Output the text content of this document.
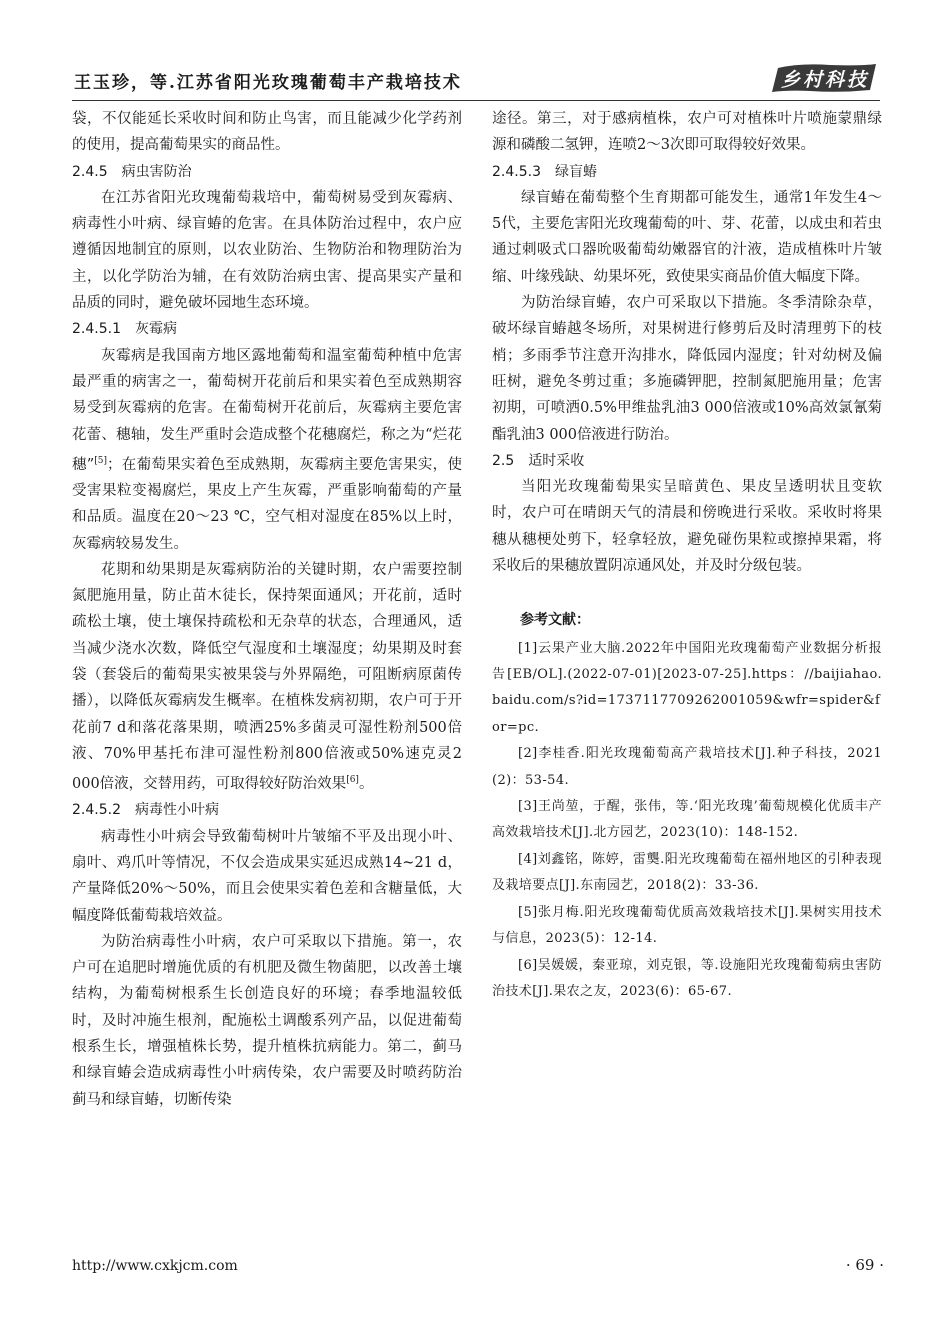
王玉珍，等.江苏省阳光玫瑰葡萄丰产栽培技术	乡村科技

袋，不仅能延长采收时间和防止鸟害，而且能减少化学药剂的使用，提高葡萄果实的商品性。

2.4.5　病虫害防治

在江苏省阳光玫瑰葡萄栽培中，葡萄树易受到灰霉病、病毒性小叶病、绿盲蝽的危害。在具体防治过程中，农户应遵循因地制宜的原则，以农业防治、生物防治和物理防治为主，以化学防治为辅，在有效防治病虫害、提高果实产量和品质的同时，避免破坏园地生态环境。

2.4.5.1　灰霉病

灰霉病是我国南方地区露地葡萄和温室葡萄种植中危害最严重的病害之一，葡萄树开花前后和果实着色至成熟期容易受到灰霉病的危害。在葡萄树开花前后，灰霉病主要危害花蕾、穗轴，发生严重时会造成整个花穗腐烂，称之为“烂花穗”[5]；在葡萄果实着色至成熟期，灰霉病主要危害果实，使受害果粒变褐腐烂，果皮上产生灰霉，严重影响葡萄的产量和品质。温度在20～23 ℃，空气相对湿度在85%以上时，灰霉病较易发生。

花期和幼果期是灰霉病防治的关键时期，农户需要控制氮肥施用量，防止苗木徒长，保持架面通风；开花前，适时疏松土壤，使土壤保持疏松和无杂草的状态，合理通风，适当减少浇水次数，降低空气湿度和土壤湿度；幼果期及时套袋（套袋后的葡萄果实被果袋与外界隔绝，可阻断病原菌传播），以降低灰霉病发生概率。在植株发病初期，农户可于开花前7 d和落花落果期，喷洒25%多菌灵可湿性粉剂500倍液、70%甲基托布津可湿性粉剂800倍液或50%速克灵2 000倍液，交替用药，可取得较好防治效果[6]。

2.4.5.2　病毒性小叶病

病毒性小叶病会导致葡萄树叶片皱缩不平及出现小叶、扇叶、鸡爪叶等情况，不仅会造成果实延迟成熟14~21 d，产量降低20%～50%，而且会使果实着色差和含糖量低，大幅度降低葡萄栽培效益。

为防治病毒性小叶病，农户可采取以下措施。第一，农户可在追肥时增施优质的有机肥及微生物菌肥，以改善土壤结构，为葡萄树根系生长创造良好的环境；春季地温较低时，及时冲施生根剂，配施松土调酸系列产品，以促进葡萄根系生长，增强植株长势，提升植株抗病能力。第二，蓟马和绿盲蝽会造成病毒性小叶病传染，农户需要及时喷药防治蓟马和绿盲蝽，切断传染

途径。第三，对于感病植株，农户可对植株叶片喷施蒙鼎绿源和磷酸二氢钾，连喷2～3次即可取得较好效果。

2.4.5.3　绿盲蝽

绿盲蝽在葡萄整个生育期都可能发生，通常1年发生4～5代，主要危害阳光玫瑰葡萄的叶、芽、花蕾，以成虫和若虫通过刺吸式口器吮吸葡萄幼嫩器官的汁液，造成植株叶片皱缩、叶缘残缺、幼果坏死，致使果实商品价值大幅度下降。

为防治绿盲蝽，农户可采取以下措施。冬季清除杂草，破坏绿盲蝽越冬场所，对果树进行修剪后及时清理剪下的枝梢；多雨季节注意开沟排水，降低园内湿度；针对幼树及偏旺树，避免冬剪过重；多施磷钾肥，控制氮肥施用量；危害初期，可喷洒0.5%甲维盐乳油3 000倍液或10%高效氯氰菊酯乳油3 000倍液进行防治。

2.5　适时采收

当阳光玫瑰葡萄果实呈暗黄色、果皮呈透明状且变软时，农户可在晴朗天气的清晨和傍晚进行采收。采收时将果穗从穗梗处剪下，轻拿轻放，避免碰伤果粒或擦掉果霜，将采收后的果穗放置阴凉通风处，并及时分级包装。

参考文献：

[1]云果产业大脑.2022年中国阳光玫瑰葡萄产业数据分析报告[EB/OL].(2022-07-01)[2023-07-25].https：//baijiahao.baidu.com/s?id=1737117709262001059&wfr=spider&for=pc.

[2]李桂香.阳光玫瑰葡萄高产栽培技术[J].种子科技，2021(2)：53-54.

[3]王尚堃，于醒，张伟，等.‘阳光玫瑰’葡萄规模化优质丰产高效栽培技术[J].北方园艺，2023(10)：148-152.

[4]刘鑫铭，陈婷，雷龑.阳光玫瑰葡萄在福州地区的引种表现及栽培要点[J].东南园艺，2018(2)：33-36.

[5]张月梅.阳光玫瑰葡萄优质高效栽培技术[J].果树实用技术与信息，2023(5)：12-14.

[6]吴媛媛，秦亚琼，刘克银，等.设施阳光玫瑰葡萄病虫害防治技术[J].果农之友，2023(6)：65-67.

http://www.cxkjcm.com	· 69 ·
